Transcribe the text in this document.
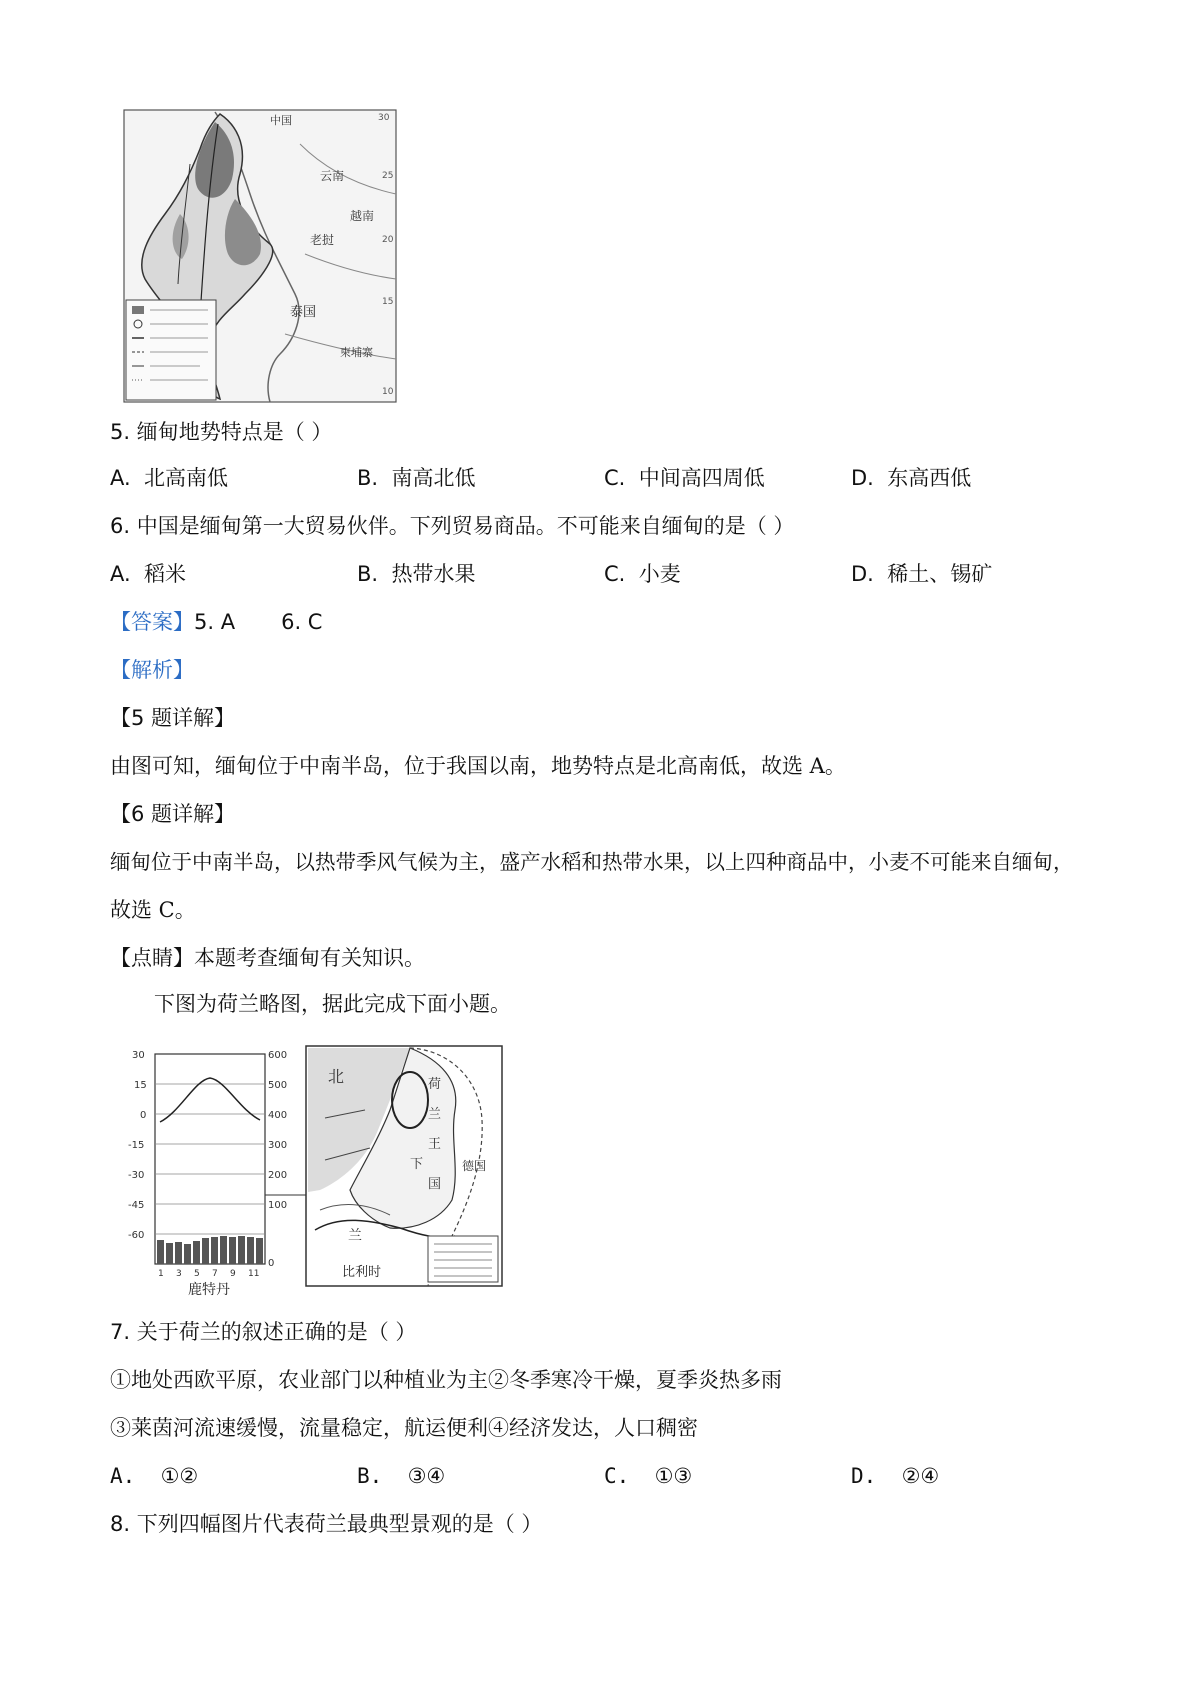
中国
云南
越南
老挝
泰国
柬埔寨
30
25
20
15
10
5. 缅甸地势特点是（ ）
A. 北高南低	B. 南高北低	C. 中间高四周低	D. 东高西低
6. 中国是缅甸第一大贸易伙伴。下列贸易商品。不可能来自缅甸的是（ ）
A. 稻米	B. 热带水果	C. 小麦	D. 稀土、锡矿
【答案】5. A 6. C
【解析】
【5 题详解】
由图可知，缅甸位于中南半岛，位于我国以南，地势特点是北高南低，故选 A。
【6 题详解】
缅甸位于中南半岛，以热带季风气候为主，盛产水稻和热带水果，以上四种商品中，小麦不可能来自缅甸，
故选 C。
【点睛】本题考查缅甸有关知识。
下图为荷兰略图，据此完成下面小题。
30
15
0
-15
-30
-45
-60
600
500
400
300
200
100
0
1 3 5 7 9 11
鹿特丹
北	荷
兰
王
国
下
兰
德国
比利时
7. 关于荷兰的叙述正确的是（ ）
①地处西欧平原，农业部门以种植业为主②冬季寒冷干燥，夏季炎热多雨
③莱茵河流速缓慢，流量稳定，航运便利④经济发达，人口稠密
A. ①②	B. ③④	C. ①③	D. ②④
8. 下列四幅图片代表荷兰最典型景观的是（ ）
